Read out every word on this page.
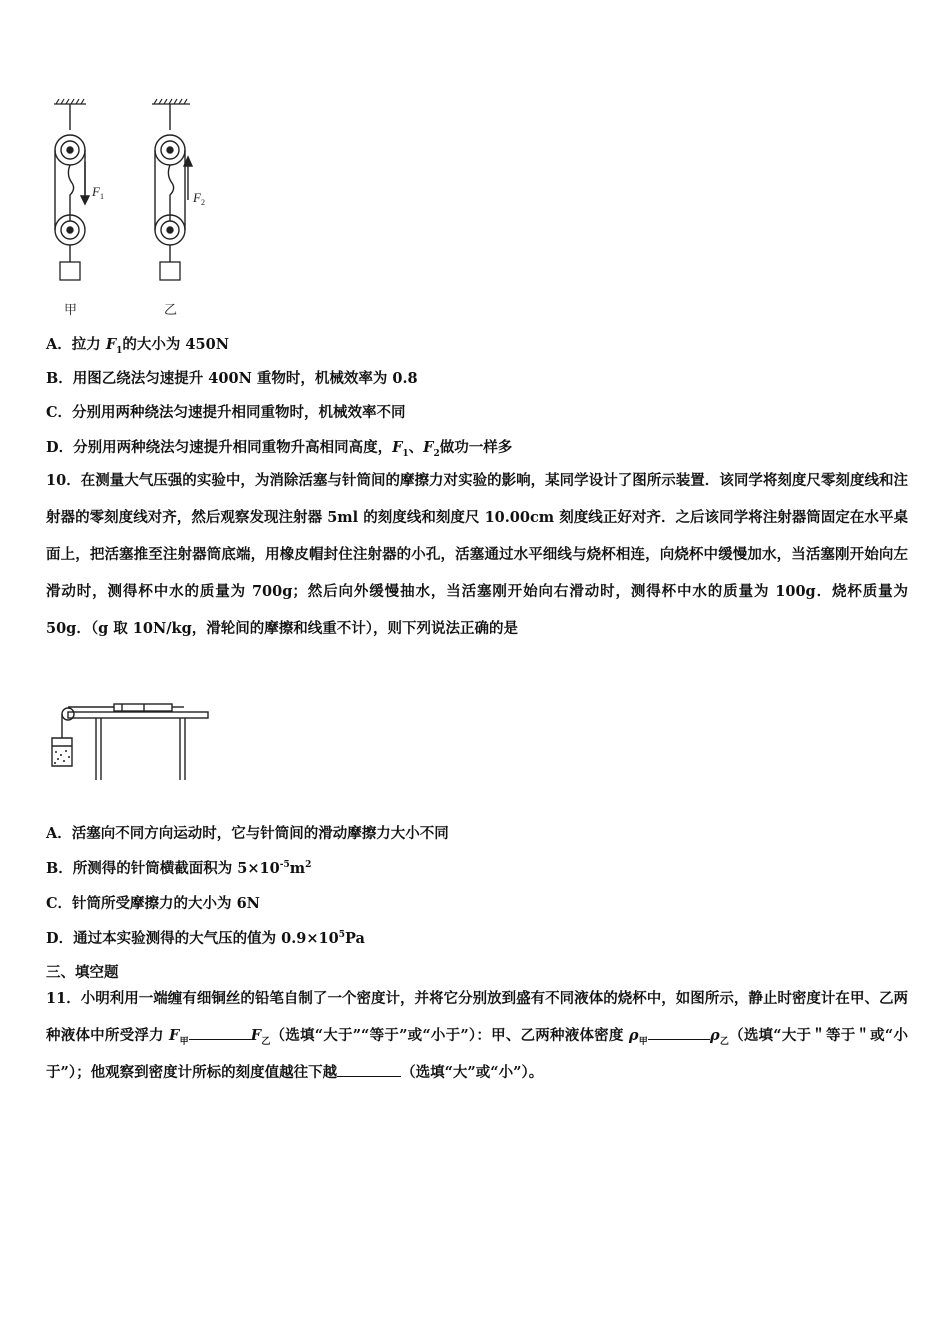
$F_1$	$F_2$
甲	乙
A．拉力 $F_1$的大小为 450N
B．用图乙绕法匀速提升 400N 重物时，机械效率为 0.8
C．分别用两种绕法匀速提升相同重物时，机械效率不同
D．分别用两种绕法匀速提升相同重物升高相同高度，$F_1$、$F_2$做功一样多
10．在测量大气压强的实验中，为消除活塞与针筒间的摩擦力对实验的影响，某同学设计了图所示装置．该同学将刻度尺零刻度线和注射器的零刻度线对齐，然后观察发现注射器 5ml 的刻度线和刻度尺 10.00cm 刻度线正好对齐．之后该同学将注射器筒固定在水平桌面上，把活塞推至注射器筒底端，用橡皮帽封住注射器的小孔，活塞通过水平细线与烧杯相连，向烧杯中缓慢加水，当活塞刚开始向左滑动时，测得杯中水的质量为 700g；然后向外缓慢抽水，当活塞刚开始向右滑动时，测得杯中水的质量为 100g．烧杯质量为 50g．（g 取 10N/kg，滑轮间的摩擦和线重不计），则下列说法正确的是
A．活塞向不同方向运动时，它与针筒间的滑动摩擦力大小不同
B．所测得的针筒横截面积为 $5\times 10^{-5}m^2$
C．针筒所受摩擦力的大小为 6N
D．通过本实验测得的大气压的值为 $0.9\times 10^5Pa$
三、填空题
11．小明利用一端缠有细铜丝的铅笔自制了一个密度计，并将它分别放到盛有不同液体的烧杯中，如图所示，静止时密度计在甲、乙两种液体中所受浮力 $F_甲$	$F_乙$（选填“大于”“等于”或“小于”）：甲、乙两种液体密度 $\rho_甲$	$\rho_乙$（选填“大于＂等于＂或“小于”）；他观察到密度计所标的刻度值越往下越	（选填“大”或“小”）。
